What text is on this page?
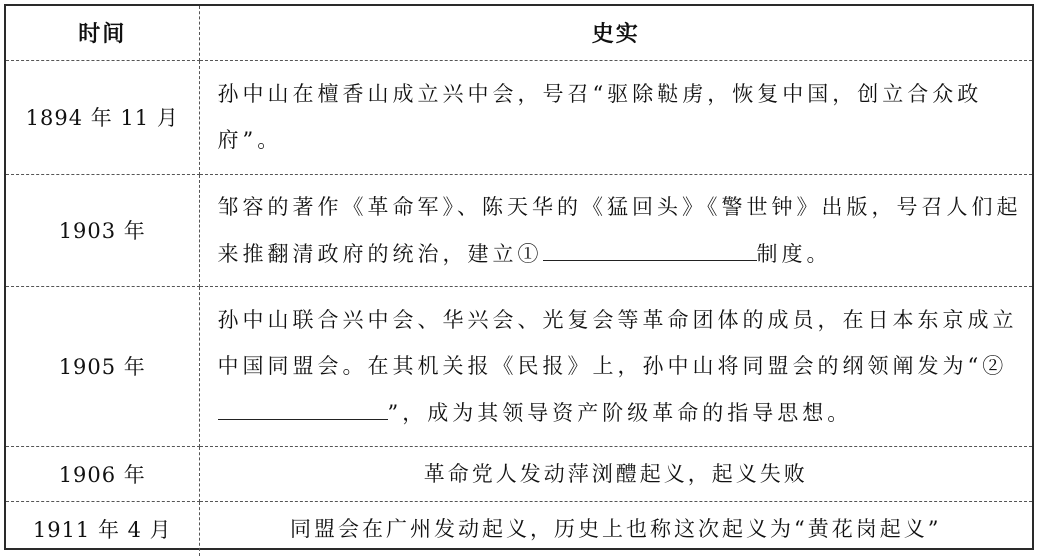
时间	史实
1894 年 11 月	孙中山在檀香山成立兴中会，号召“驱除鞑虏，恢复中国，创立合众政府”。
1903 年	邹容的著作《革命军》、陈天华的《猛回头》《警世钟》出版，号召人们起来推翻清政府的统治，建立① 制度。
1905 年	孙中山联合兴中会、华兴会、光复会等革命团体的成员，在日本东京成立中国同盟会。在其机关报《民报》上，孙中山将同盟会的纲领阐发为“②”，成为其领导资产阶级革命的指导思想。
1906 年	革命党人发动萍浏醴起义，起义失败
1911 年 4 月	同盟会在广州发动起义，历史上也称这次起义为“黄花岗起义”
